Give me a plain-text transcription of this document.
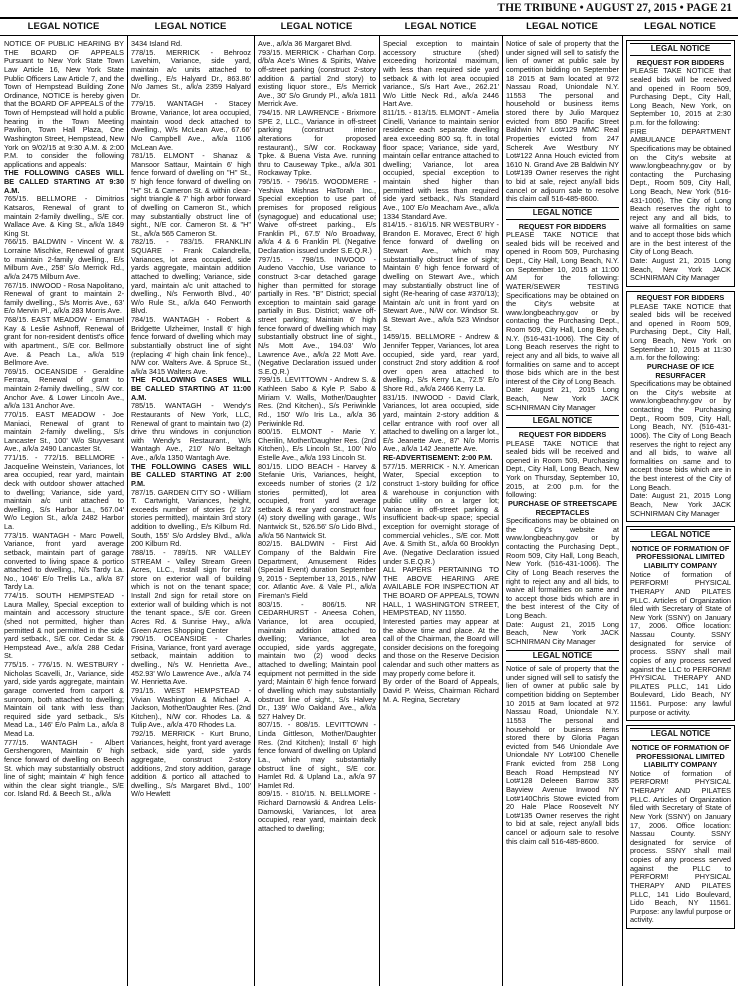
THE TRIBUNE • AUGUST 27, 2015 • PAGE 21
LEGAL NOTICE	LEGAL NOTICE	LEGAL NOTICE	LEGAL NOTICE	LEGAL NOTICE	LEGAL NOTICE

NOTICE OF PUBLIC HEARING BY THE BOARD OF APPEALS Pursuant to New York State Town Law Article 16, New York State Public Officers Law Article 7, and the Town of Hempstead Building Zone Ordinance, NOTICE is hereby given that the BOARD OF APPEALS of the Town of Hempstead will hold a public hearing in the Town Meeting Pavilion, Town Hall Plaza, One Washington Street, Hempstead, New York on 9/02/15 at 9:30 A.M. & 2:00 P.M. to consider the following applications and appeals:

THE FOLLOWING CASES WILL BE CALLED STARTING AT 9:30 A.M.

765/15. BELLMORE - Dimitrios Katsaros, Renewal of grant to maintain 2-family dwelling., S/E cor. Wallace Ave. & King St., a/k/a 1849 King St.

766/15. BALDWIN - Vincent W. & Lorraine Mischke, Renewal of grant to maintain 2-family dwelling., E/s Milburn Ave., 258' S/o Merrick Rd., a/k/a 2475 Milburn Ave.

767/15. INWOOD - Rosa Napolitano, Renewal of grant to maintain 2-family dwelling., S/s Morris Ave., 63' E/o Mervin Pl., a/k/a 283 Morris Ave.

768/15. EAST MEADOW - Emanuel Kay & Leslie Ashnoff, Renewal of grant for non-resident dentist's office with apartment., S/E cor. Bellmore Ave. & Peach La., a/k/a 519 Bellmore Ave.

769/15. OCEANSIDE - Geraldine Ferrara, Renewal of grant to maintain 2-family dwelling., S/W cor. Anchor Ave. & Lower Lincoln Ave., a/k/a 131 Anchor Ave.

770/15. EAST MEADOW - Joe Maniaci, Renewal of grant to maintain 2-family dwelling., S/s Lancaster St., 100' W/o Stuyvesant Ave., a/k/a 2490 Lancaster St.

771/15. - 772/15. BELLMORE - Jacqueline Weinstein, Variances, lot area occupied, rear yard, maintain deck with outdoor shower attached to dwelling; Variance, side yard, maintain a/c unit attached to dwelling., S/s Harbor La., 567.04' W/o Legion St., a/k/a 2482 Harbor La.

773/15. WANTAGH - Marc Powell, Variance, front yard average setback, maintain part of garage converted to living space & portico attached to dwelling., N/s Tardy La. No., 1046' E/o Trellis La., a/k/a 87 Tardy La.

774/15. SOUTH HEMPSTEAD - Laura Malley, Special exception to maintain and accessory structure (shed not permitted, higher than permitted & not permitted in the side yard setback., S/E cor. Cedar St. & Hempstead Ave., a/k/a 288 Cedar St.

775/15. - 776/15. N. WESTBURY - Nicholas Scavelli, Jr., Variance, side yard, side yards aggregate, maintain garage converted from carport & sunroom, both attached to dwelling; Maintain oil tank with less than required side yard setback., S/s Mead La., 146' E/o Palm La., a/k/a 8 Mead La.

777/15. WANTAGH - Albert Gershengoren, Maintain 6' high fence forward of dwelling on Beech St. which may substantially obstruct line of sight; maintain 4' high fence within the clear sight triangle., S/E cor. Island Rd. & Beech St., a/k/a

3434 Island Rd.

778/15. MERRICK - Behrooz Lavehim, Variance, side yard, maintain a/c units attached to dwelling., E/s Halyard Dr., 863.86' N/o James St., a/k/a 2359 Halyard Dr.

779/15. WANTAGH - Stacey Browne, Variance, lot area occupied, maintain wood deck attached to dwelling., W/s McLean Ave., 67.66' N/o Campbell Ave., a/k/a 1106 McLean Ave.

781/15. ELMONT - Shanaz & Mansoor Sattaur, Maintain 6' high fence forward of dwelling on "H" St., 5' high fence forward of dwelling on "H" St. & Cameron St. & within clear-sight triangle & 7' high arbor forward of dwelling on Cameron St., which may substantially obstruct line of sight., N/E cor. Cameron St. & "H" St., a/k/a 565 Cameron St.

782/15. - 783/15. FRANKLIN SQUARE - Frank Calandrella, Variances, lot area occupied, side yards aggregate, maintain addition attached to dwelling; Variance, side yard, maintain a/c unit attached to dwelling., N/s Fenworth Blvd., 40' W/o Rule St., a/k/a 640 Fenworth Blvd.

784/15. WANTAGH - Robert & Bridgette Ulzheimer, Install 6' high fence forward of dwelling which may substantially obstruct line of sight (replacing 4' high chain link fence)., N/W cor. Walters Ave. & Spruce St., a/k/a 3415 Walters Ave.

THE FOLLOWING CASES WILL BE CALLED STARTING AT 11:00 A.M.

785/15. WANTAGH - Wendy's Restaurants of New York, LLC, Renewal of grant to maintain two (2) drive thru windows in conjunction with Wendy's Restaurant., W/s Wantagh Ave., 210' N/o Beltagh Ave., a/k/a 1350 Wantagh Ave.

THE FOLLOWING CASES WILL BE CALLED STARTING AT 2:00 P.M.

787/15. GARDEN CITY SO - William T. Cartwright, Variances, height, exceeds number of stories (2 1/2 stories permitted), maintain 3rd story addition to dwelling., E/s Kilburn Rd. South, 155' S/o Ardsley Blvd., a/k/a 200 Kilburn Rd.

788/15. - 789/15. NR VALLEY STREAM - Valley Stream Green Acres, LLC., Install sign for retail store on exterior wall of building which is not on the tenant space; Install 2nd sign for retail store on exterior wall of building which is not the tenant space., S/E cor. Green Acres Rd. & Sunrise Hwy., a/k/a Green Acres Shopping Center

790/15. OCEANSIDE - Charles Frisina, Variance, front yard average setback, maintain addition to dwelling., N/s W. Henrietta Ave., 452.93' W/o Lawrence Ave., a/k/a 74 W. Henrietta Ave.

791/15. WEST HEMPSTEAD - Vivian Washington & Michael A. Jackson, Mother/Daughter Res. (2nd Kitchen)., N/W cor. Rhodes La. & Tulip Ave., a/k/a 470 Rhodes La.

792/15. MERRICK - Kurt Bruno, Variances, height, front yard average setback, side yard, side yards aggregate, construct 2-story additions, 2nd story addition, garage addition & portico all attached to dwelling., S/s Margaret Blvd., 100' W/o Hewlett

Ave., a/k/a 36 Margaret Blvd.

793/15. MERRICK - Charhan Corp. d/b/a Ace's Wines & Spirits, Waive off-street parking (construct 2-story addition & partial 2nd story) to existing liquor store., E/s Merrick Ave., 30' S/o Grundy Pl., a/k/a 1811 Merrick Ave.

794/15. NR LAWRENCE - Brixmore SPE 2, LLC., Variance in off-street parking (construct interior alterations for proposed restaurant)., S/W cor. Rockaway Tpke. & Buena Vista Ave. running thru to Causeway Tpke., a/k/a 301 Rockaway Tpke.

795/15. - 796/15. WOODMERE - Yeshiva Mishnas HaTorah Inc., Special exception to use part of premises for proposed religious (synagogue) and educational use; Waive off-street parking., E/s Franklin Pl., 67.5' N/o Broadway, a/k/a 4 & 6 Franklin Pl. (Negative Declaration issued under S.E.Q.R.)

797/15. - 798/15. INWOOD - Audeno Vacchio, Use variance to construct 3-car detached garage higher than permitted for storage partially in Res. "B" District; special exception to maintain said garage partially in Bus. District; waive off-street parking; Maintain 6' high fence forward of dwelling which may substantially obstruct line of sight., N/s Mott Ave., 194.03' W/o Lawrence Ave., a/k/a 22 Mott Ave. (Negative Declaration issued under S.E.Q.R.)

799/15. LEVITTOWN - Andrew S. & Kathleen Sabo & Kyle P. Sabo & Miriam V. Walls, Mother/Daughter Res. (2nd Kitchen)., S/s Periwinkle Rd., 150' W/o Iris La., a/k/a 36 Periwinkle Rd.

800/15. ELMONT - Marie Y. Cherilin, Mother/Daughter Res. (2nd Kitchen)., E/s Lincoln St., 100' N/o Estelle Ave., a/k/a 193 Lincoln St.

801/15. LIDO BEACH - Harvey & Stefanie Uris, Variances, height, exceeds number of stories (2 1/2 stories permitted), lot area occupied, front yard average setback & rear yard construct four (4) story dwelling with garage., W/s Nantwick St., 526.56' S/o Lido Blvd., a/k/a 56 Nantwick St.

802/15. BALDWIN - First Aid Company of the Baldwin Fire Department, Amusement Rides (Special Event) duration September 9, 2015 - September 13, 2015., N/W cor. Atlantic Ave. & Vale Pl., a/k/a Fireman's Field

803/15. - 806/15. NR CEDARHURST - Aneesa Cohen, Variance, lot area occupied, maintain addition attached to dwelling; Variance, lot area occupied, side yards aggregate, maintain two (2) wood decks attached to dwelling; Maintain pool equipment not permitted in the side yard; Maintain 6' high fence forward of dwelling which may substantially obstruct line of sight., S/s Halvey Dr., 139' W/o Oakland Ave., a/k/a 527 Halvey Dr.

807/15. - 808/15. LEVITTOWN - Linda Gittleson, Mother/Daughter Res. (2nd Kitchen); Install 6' high fence forward of dwelling on Upland La., which may substantially obstruct line of sight., S/E cor. Hamlet Rd. & Upland La., a/k/a 97 Hamlet Rd.

809/15. - 810/15. N. BELLMORE - Richard Darnowski & Andrea Lelis-Darnowski, Variances, lot area occupied, rear yard, maintain deck attached to dwelling;

Special exception to maintain accessory structure (shed) exceeding horizontal maximum, with less than required side yard setback & with lot area occupied variance., S/s Hart Ave., 262.21' W/o Little Neck Rd., a/k/a 2446 Hart Ave.

811/15. - 813/15. ELMONT - Amelia Cinelli, Variance to maintain senior residence each separate dwelling area exceeding 800 sq. ft. in total floor space; Variance, side yard, maintain cellar entrance attached to dwelling; Variance, lot area occupied, special exception to maintain shed higher than permitted with less than required side yard setback., N/s Standard Ave., 100' E/o Meacham Ave., a/k/a 1334 Standard Ave.

814/15. - 816/15. NR WESTBURY - Brandon E. Moravec, Erect 6' high fence forward of dwelling on Stewart Ave., which may substantially obstruct line of sight; Maintain 6' high fence forward of dwelling on Stewart Ave., which may substantially obstruct line of sight (Re-hearing of case #370/13); Maintain a/c unit in front yard on Stewart Ave., N/W cor. Windsor St. & Stewart Ave., a/k/a 523 Windsor St.

1459/15. BELLMORE - Andrew & Jennifer Tepper, Variances, lot area occupied, side yard, rear yard, construct 2nd story addition & roof over open area attached to dwelling., S/s Kerry La., 72.5' E/o Shore Rd., a/k/a 2466 Kerry La.

831/15. INWOOD - David Clark, Variances, lot area occupied, side yard, maintain 2-story addition & cellar entrance with roof over all attached to dwelling on a larger lot., E/s Jeanette Ave., 87' N/o Morris Ave., a/k/a 142 Jeanette Ave.

RE-ADVERTISEMENT: 2:00 P.M.

577/15. MERRICK - N.Y. American Water, Special exception to construct 1-story building for office & warehouse in conjunction with public utility on a larger lot; Variance in off-street parking & insufficient back-up space; special exception for overnight storage of commercial vehicles., S/E cor. Mott Ave. & Smith St., a/k/a 60 Brooklyn Ave. (Negative Declaration issued under S.E.Q.R.)

ALL PAPERS PERTAINING TO THE ABOVE HEARING ARE AVAILABLE FOR INSPECTION AT THE BOARD OF APPEALS, TOWN HALL, 1 WASHINGTON STREET, HEMPSTEAD, NY 11550.

Interested parties may appear at the above time and place. At the call of the Chairman, the Board will consider decisions on the foregoing and those on the Reserve Decision calendar and such other matters as may properly come before it.

By order of the Board of Appeals, David P. Weiss, Chairman Richard M. A. Regina, Secretary

Notice of sale of property that the under signed will sell to satisfy the lien of owner at public sale by competition bidding on September 18 2015 at 9am located at 972 Nassau Road, Uniondale N.Y. 11553 The personal and household or business items stored there by Julio Marquez evicted from 850 Pacific Street Baldwin NY Lot#129 MMC Real Properties evicted from 247 Scherek Ave Westbury NY Lot#122 Anna Houch evicted from 1610 N. Grand Ave 2B Baldwin NY Lot#139 Owner reserves the right to bid at sale, reject any/all bids cancel or adjourn sale to resolve this claim call 516-485-8600.

LEGAL NOTICE

REQUEST FOR BIDDERS

PLEASE TAKE NOTICE that sealed bids will be received and opened in Room 509, Purchasing Dept., City Hall, Long Beach, N.Y. on September 10, 2015 at 11:00 AM for the following: WATER/SEWER TESTING Specifications may be obtained on the City's website at www.longbeachny.gov or by contacting the Purchasing Dept., Room 509, City Hall, Long Beach, N.Y. (516-431-1006). The City of Long Beach reserves the right to reject any and all bids, to waive all formalities on same and to accept those bids which are in the best interest of the City of Long Beach.

Date: August 21, 2015 Long Beach, New York JACK SCHNIRMAN City Manager

LEGAL NOTICE

REQUEST FOR BIDDERS

PLEASE TAKE NOTICE that sealed bids will be received and opened in Room 509, Purchasing Dept., City Hall, Long Beach, New York on Thursday, September 10, 2015, at 2:00 p.m. for the following:

PURCHASE OF STREETSCAPE RECEPTACLES

Specifications may be obtained on the City's website at www.longbeachny.gov or by contacting the Purchasing Dept., Room 509, City Hall, Long Beach, New York. (516-431-1006). The City of Long Beach reserves the right to reject any and all bids, to waive all formalities on same and to accept those bids which are in the best interest of the City of Long Beach.

Date: August 21, 2015 Long Beach, New York JACK SCHNIRMAN City Manager

LEGAL NOTICE

Notice of sale of property that the under signed will sell to satisfy the lien of owner at public sale by competition bidding on September 10 2015 at 9am located at 972 Nassau Road, Uniondale N.Y. 11553 The personal and household or business items stored there by Gloria Pagan evicted from 546 Uniondale Ave Uniondale NY Lot#100 Chenelle Frank evicted from 258 Long Beach Road Hempstead NY Lot#128 Deleeen Barrow 335 Bayview Avenue Inwood NY Lot#140Chris Stowe evicted from 20 Hale Place Roosevelt NY Lot#135 Owner reserves the right to bid at sale, reject any/all bids cancel or adjourn sale to resolve this claim call 516-485-8600.

LEGAL NOTICE

REQUEST FOR BIDDERS

PLEASE TAKE NOTICE that sealed bids will be received and opened in Room 509, Purchasing Dept., City Hall, Long Beach, New York, on September 10, 2015 at 2:30 p.m. for the following:

FIRE DEPARTMENT AMBULANCE

Specifications may be obtained on the City's website at www.longbeachny.gov or by contacting the Purchasing Dept., Room 509, City Hall, Long Beach, New York (516-431-1006). The City of Long Beach reserves the right to reject any and all bids, to waive all formalities on same and to accept those bids which are in the best interest of the City of Long Beach.

Date: August 21, 2015 Long Beach, New York JACK SCHNIRMAN City Manager

REQUEST FOR BIDDERS

PLEASE TAKE NOTICE that sealed bids will be received and opened in Room 509, Purchasing Dept., City Hall, Long Beach, New York on September 10, 2015 at 11:30 a.m. for the following:

PURCHASE OF ICE RESURFACER

Specifications may be obtained on the City's website at www.longbeachny.gov or by contacting the Purchasing Dept., Room 509, City Hall, Long Beach, NY. (516-431-1006). The City of Long Beach reserves the right to reject any and all bids, to waive all formalities on same and to accept those bids which are in the best interest of the City of Long Beach.

Date: August 21, 2015 Long Beach, New York JACK SCHNIRMAN City Manager

LEGAL NOTICE

NOTICE OF FORMATION OF PROFESSIONAL LIMITED LIABILITY COMPANY

Notice of formation of PERFORM! PHYSICAL THERAPY AND PILATES PLLC. Articles of Organization filed with Secretary of State of New York (SSNY) on January 17, 2006. Office location: Nassau County. SSNY designated for service of process. SSNY shall mail copies of any process served against the LLC to PERFORM! PHYSICAL THERAPY AND PILATES PLLC, 141 Lido Boulevard, Lido Beach, NY 11561. Purpose: any lawful purpose or activity.

LEGAL NOTICE

NOTICE OF FORMATION OF PROFESSIONAL LIMITED LIABILITY COMPANY

Notice of formation of PERFORM! PHYSICAL THERAPY AND PILATES PLLC. Articles of Organization filed with Secretary of State of New York (SSNY) on January 17, 2006. Office location: Nassau County. SSNY designated for service of process. SSNY shall mail copies of any process served against the PLLC to PERFORM! PHYSICAL THERAPY AND PILATES PLLC, 141 Lido Boulevard, Lido Beach, NY 11561. Purpose: any lawful purpose or activity.
